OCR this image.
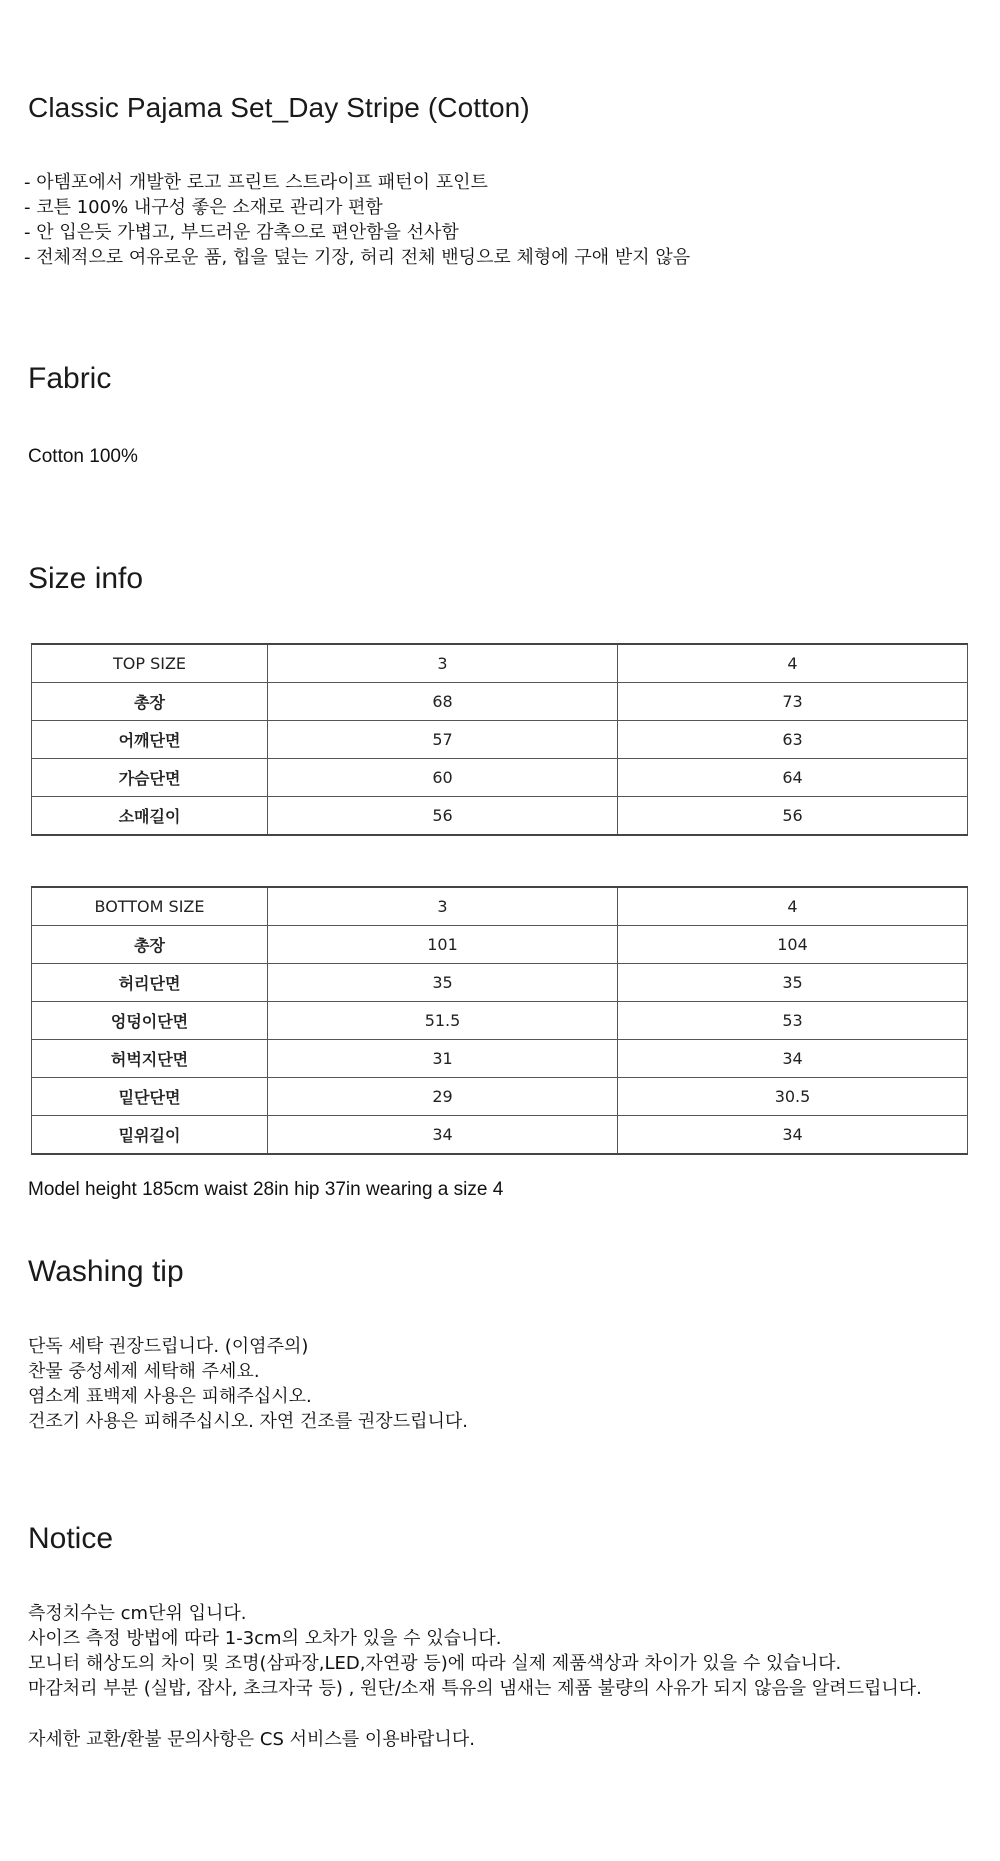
Classic Pajama Set_Day Stripe (Cotton)
- 아템포에서 개발한 로고 프린트 스트라이프 패턴이 포인트
- 코튼 100% 내구성 좋은 소재로 관리가 편함
- 안 입은듯 가볍고, 부드러운 감촉으로 편안함을 선사함
- 전체적으로 여유로운 품, 힙을 덮는 기장, 허리 전체 밴딩으로 체형에 구애 받지 않음
Fabric
Cotton 100%
Size info
TOP SIZE	3	4
총장	68	73
어깨단면	57	63
가슴단면	60	64
소매길이	56	56
BOTTOM SIZE	3	4
총장	101	104
허리단면	35	35
엉덩이단면	51.5	53
허벅지단면	31	34
밑단단면	29	30.5
밑위길이	34	34
Model height 185cm waist 28in hip 37in wearing a size 4
Washing tip
단독 세탁 권장드립니다. (이염주의)
찬물 중성세제 세탁해 주세요.
염소계 표백제 사용은 피해주십시오.
건조기 사용은 피해주십시오. 자연 건조를 권장드립니다.
Notice
측정치수는 cm단위 입니다.
사이즈 측정 방법에 따라 1-3cm의 오차가 있을 수 있습니다.
모니터 해상도의 차이 및 조명(삼파장,LED,자연광 등)에 따라 실제 제품색상과 차이가 있을 수 있습니다.
마감처리 부분 (실밥, 잡사, 초크자국 등) , 원단/소재 특유의 냄새는 제품 불량의 사유가 되지 않음을 알려드립니다.
자세한 교환/환불 문의사항은 CS 서비스를 이용바랍니다.
